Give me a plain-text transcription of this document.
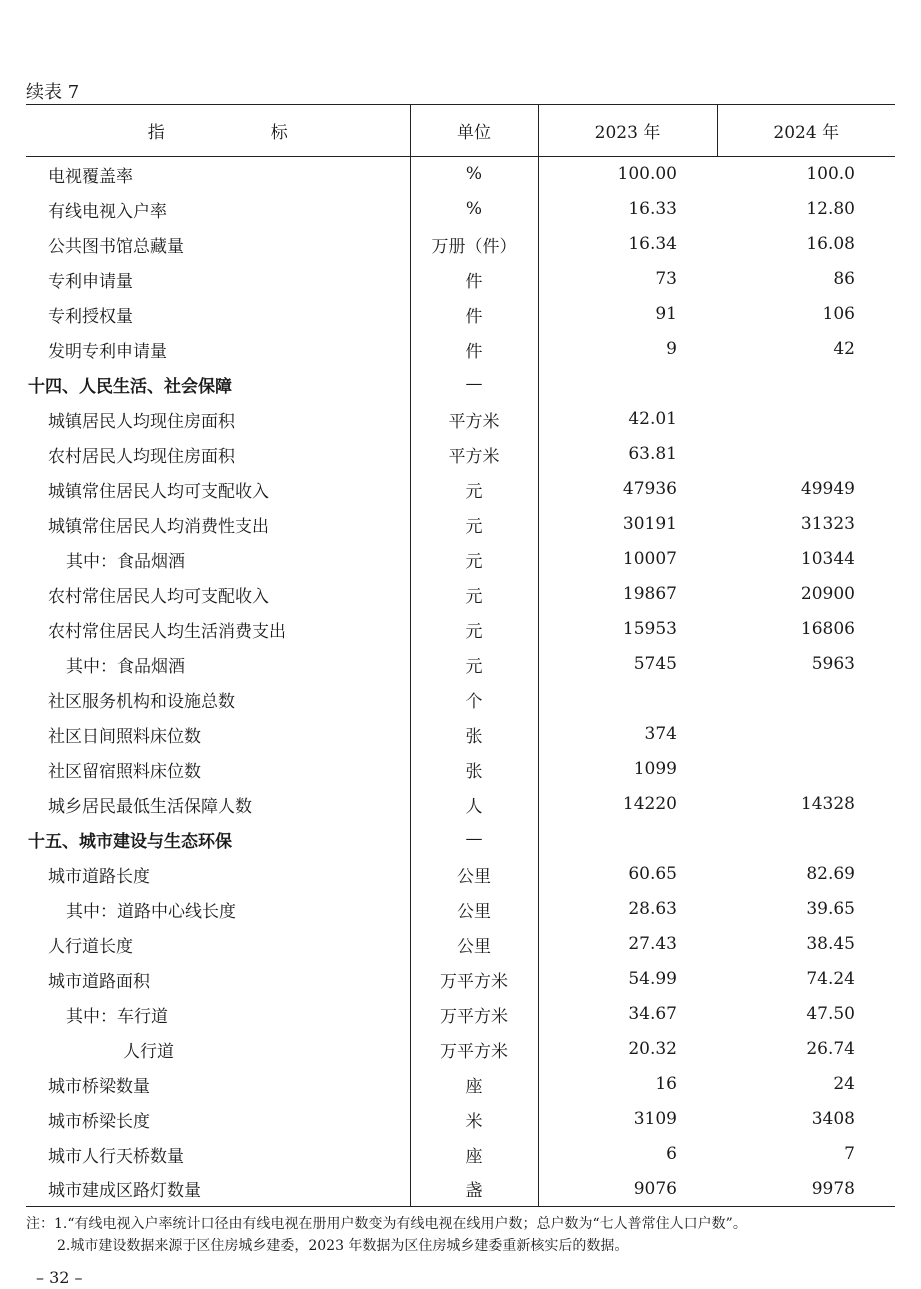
续表 7
指 标	单位	2023 年	2024 年
电视覆盖率	%	100.00	100.0
有线电视入户率	%	16.33	12.80
公共图书馆总藏量	万册（件）	16.34	16.08
专利申请量	件	73	86
专利授权量	件	91	106
发明专利申请量	件	9	42
十四、人民生活、社会保障	—		
城镇居民人均现住房面积	平方米	42.01	
农村居民人均现住房面积	平方米	63.81	
城镇常住居民人均可支配收入	元	47936	49949
城镇常住居民人均消费性支出	元	30191	31323
其中：食品烟酒	元	10007	10344
农村常住居民人均可支配收入	元	19867	20900
农村常住居民人均生活消费支出	元	15953	16806
其中：食品烟酒	元	5745	5963
社区服务机构和设施总数	个		
社区日间照料床位数	张	374	
社区留宿照料床位数	张	1099	
城乡居民最低生活保障人数	人	14220	14328
十五、城市建设与生态环保	—		
城市道路长度	公里	60.65	82.69
其中：道路中心线长度	公里	28.63	39.65
人行道长度	公里	27.43	38.45
城市道路面积	万平方米	54.99	74.24
其中：车行道	万平方米	34.67	47.50
人行道	万平方米	20.32	26.74
城市桥梁数量	座	16	24
城市桥梁长度	米	3109	3408
城市人行天桥数量	座	6	7
城市建成区路灯数量	盏	9076	9978
注：1.“有线电视入户率统计口径由有线电视在册用户数变为有线电视在线用户数；总户数为“七人普常住人口户数”。
2.城市建设数据来源于区住房城乡建委，2023 年数据为区住房城乡建委重新核实后的数据。
– 32 –
